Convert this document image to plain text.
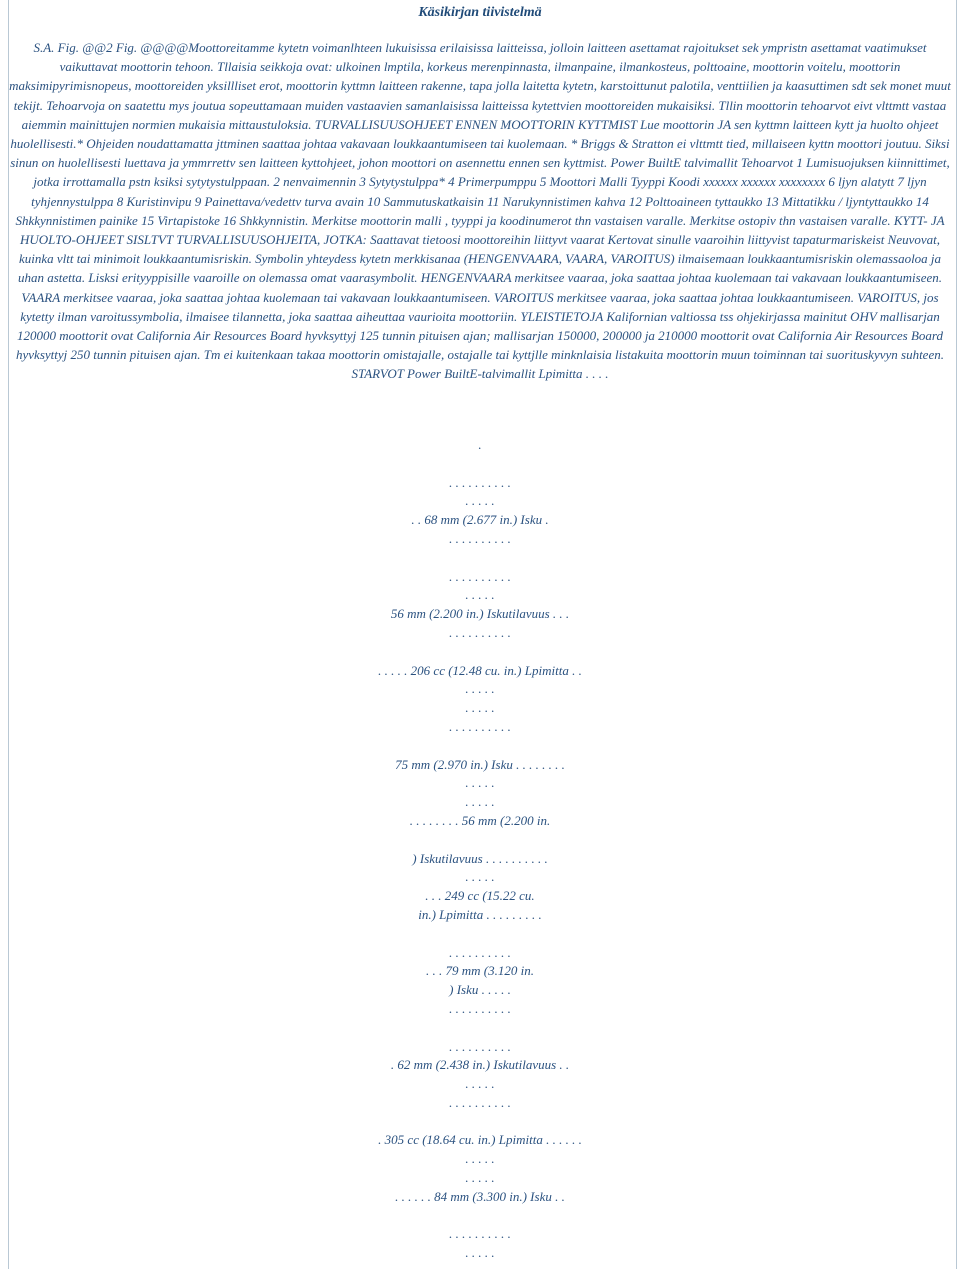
Käsikirjan tiivistelmä

S.A. Fig. @@2 Fig. @@@@Moottoreitamme kytetn voimanlhteen lukuisissa erilaisissa laitteissa, jolloin laitteen asettamat rajoitukset sek ympristn asettamat vaatimukset vaikuttavat moottorin tehoon. Tllaisia seikkoja ovat: ulkoinen lmptila, korkeus merenpinnasta, ilmanpaine, ilmankosteus, polttoaine, moottorin voitelu, moottorin maksimipyrimisnopeus, moottoreiden yksillliset erot, moottorin kyttmn laitteen rakenne, tapa jolla laitetta kytetn, karstoittunut palotila, venttiilien ja kaasuttimen sdt sek monet muut tekijt. Tehoarvoja on saatettu mys joutua sopeuttamaan muiden vastaavien samanlaisissa laitteissa kytettvien moottoreiden mukaisiksi. Tllin moottorin tehoarvot eivt vlttmtt vastaa aiemmin mainittujen normien mukaisia mittaustuloksia. TURVALLISUUSOHJEET ENNEN MOOTTORIN KYTTMIST Lue moottorin JA sen kyttmn laitteen kytt ja huolto ohjeet huolellisesti.* Ohjeiden noudattamatta jttminen saattaa johtaa vakavaan loukkaantumiseen tai kuolemaan. * Briggs & Stratton ei vlttmtt tied, millaiseen kyttn moottori joutuu. Siksi sinun on huolellisesti luettava ja ymmrrettv sen laitteen kyttohjeet, johon moottori on asennettu ennen sen kyttmist. Power BuiltE talvimallit Tehoarvot 1 Lumisuojuksen kiinnittimet, jotka irrottamalla pstn ksiksi sytytystulppaan. 2 nenvaimennin 3 Sytytystulppa* 4 Primerpumppu 5 Moottori Malli Tyyppi Koodi xxxxxx xxxxxx xxxxxxxx 6 ljyn alatytt 7 ljyn tyhjennystulppa 8 Kuristinvipu 9 Painettava/vedettv turva avain 10 Sammutuskatkaisin 11 Narukynnistimen kahva 12 Polttoaineen tyttaukko 13 Mittatikku / ljyntyttaukko 14 Shkkynnistimen painike 15 Virtapistoke 16 Shkkynnistin. Merkitse moottorin malli , tyyppi ja koodinumerot thn vastaisen varalle. Merkitse ostopiv thn vastaisen varalle. KYTT- JA HUOLTO-OHJEET SISLTVT TURVALLISUUSOHJEITA, JOTKA: Saattavat tietoosi moottoreihin liittyvt vaarat Kertovat sinulle vaaroihin liittyvist tapaturmariskeist Neuvovat, kuinka vltt tai minimoit loukkaantumisriskin. Symbolin yhteydess kytetn merkkisanaa (HENGENVAARA, VAARA, VAROITUS) ilmaisemaan loukkaantumisriskin olemassaoloa ja uhan astetta. Lisksi erityyppisille vaaroille on olemassa omat vaarasymbolit. HENGENVAARA merkitsee vaaraa, joka saattaa johtaa kuolemaan tai vakavaan loukkaantumiseen. VAARA merkitsee vaaraa, joka saattaa johtaa kuolemaan tai vakavaan loukkaantumiseen. VAROITUS merkitsee vaaraa, joka saattaa johtaa loukkaantumiseen. VAROITUS, jos kytetty ilman varoitussymbolia, ilmaisee tilannetta, joka saattaa aiheuttaa vaurioita moottoriin. YLEISTIETOJA Kalifornian valtiossa tss ohjekirjassa mainitut OHV mallisarjan 120000 moottorit ovat California Air Resources Board hyvksyttyj 125 tunnin pituisen ajan; mallisarjan 150000, 200000 ja 210000 moottorit ovat California Air Resources Board hyvksyttyj 250 tunnin pituisen ajan. Tm ei kuitenkaan takaa moottorin omistajalle, ostajalle tai kyttjlle minknlaisia listakuita moottorin muun toiminnan tai suorituskyvyn suhteen. STARVOT Power BuiltE-talvimallit Lpimitta . . . .

.
. . . . . . . . . .
. . . . .
. . 68 mm (2.677 in.) Isku .
. . . . . . . . . .
. . . . . . . . . .
. . . . .
56 mm (2.200 in.) Iskutilavuus . . .
. . . . . . . . . .
. . . . . 206 cc (12.48 cu. in.) Lpimitta . .
. . . . .
. . . . .
. . . . . . . . . .
75 mm (2.970 in.) Isku . . . . . . . .
. . . . .
. . . . .
. . . . . . . . 56 mm (2.200 in.
) Iskutilavuus . . . . . . . . . .
. . . . .
. . . 249 cc (15.22 cu.
in.) Lpimitta . . . . . . . . .
. . . . . . . . . .
. . . 79 mm (3.120 in.
) Isku . . . . .
. . . . . . . . . .
. . . . . . . . . .
. 62 mm (2.438 in.) Iskutilavuus . .
. . . . .
. . . . . . . . . .
. 305 cc (18.64 cu. in.) Lpimitta . . . . . .
. . . . .
. . . . .
. . . . . . 84 mm (3.300 in.) Isku . .
. . . . . . . . . .
. . . . .
